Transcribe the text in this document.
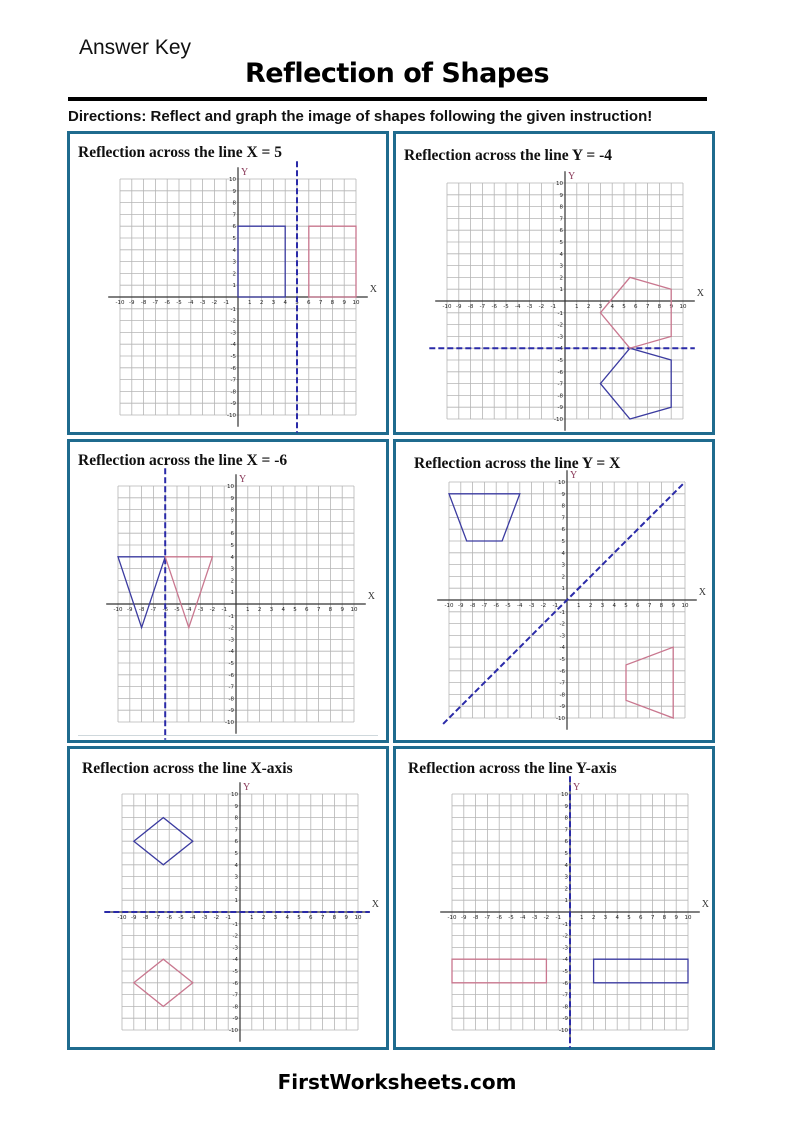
Answer Key
Reflection of Shapes
Directions: Reflect and graph the image of shapes following the given instruction!
Reflection across the line X = 5
X
Y
-10
-10
-9
-9
-8
-8
-7
-7
-6
-6
-5
-5
-4
-4
-3
-3
-2
-2
-1
-1
1
1
2
2
3
3
4
4
5
5
6
6
7
7
8
8
9
9
10
10
Reflection across the line Y = -4
X
Y
-10
-10
-9
-9
-8
-8
-7
-7
-6
-6
-5
-5
-4
-4
-3
-3
-2
-2
-1
-1
1
1
2
2
3
3
4
4
5
5
6
6
7
7
8
8
9
9
10
10
Reflection across the line X = -6
X
Y
-10
-10
-9
-9
-8
-8
-7
-7
-6
-6
-5
-5
-4
-4
-3
-3
-2
-2
-1
-1
1
1
2
2
3
3
4
4
5
5
6
6
7
7
8
8
9
9
10
10
Reflection across the line Y = X
X
Y
-10
-10
-9
-9
-8
-8
-7
-7
-6
-6
-5
-5
-4
-4
-3
-3
-2
-2
-1
-1
1
1
2
2
3
3
4
4
5
5
6
6
7
7
8
8
9
9
10
10
Reflection across the line X-axis
X
Y
-10
-10
-9
-9
-8
-8
-7
-7
-6
-6
-5
-5
-4
-4
-3
-3
-2
-2
-1
-1
1
1
2
2
3
3
4
4
5
5
6
6
7
7
8
8
9
9
10
10
Reflection across the line Y-axis
X
Y
-10
-10
-9
-9
-8
-8
-7
-7
-6
-6
-5
-5
-4
-4
-3
-3
-2
-2
-1
-1
1
1
2
2
3
3
4
4
5
5
6
6
7
7
8
8
9
9
10
10
FirstWorksheets.com
